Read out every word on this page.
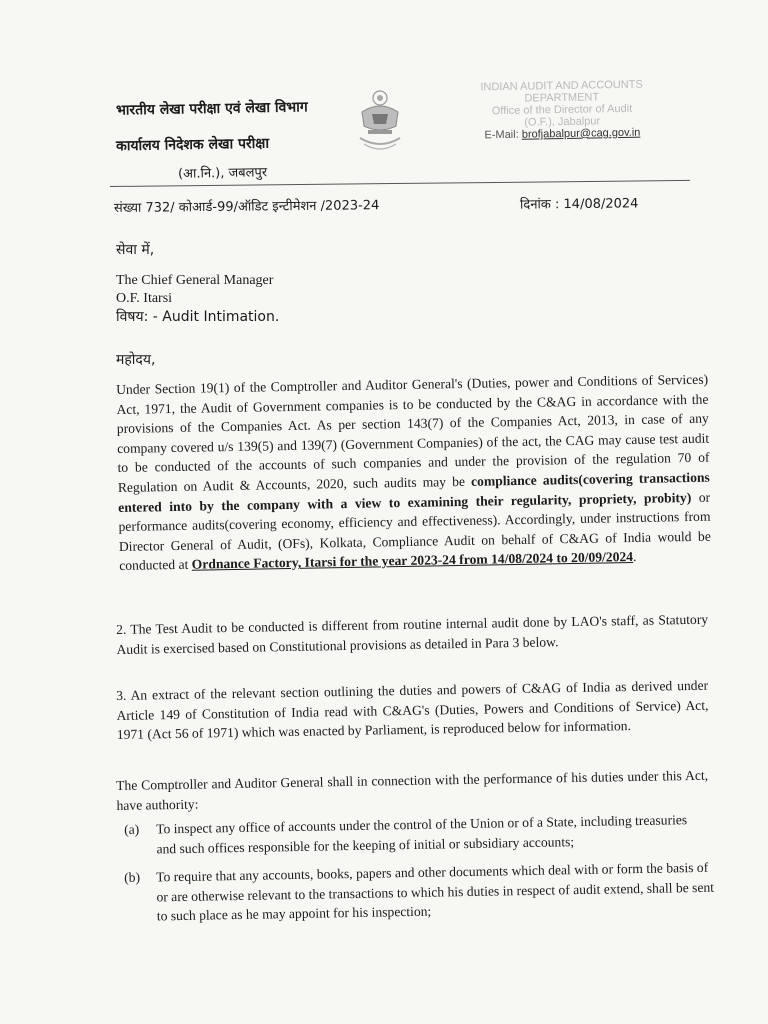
भारतीय लेखा परीक्षा एवं लेखा विभाग
कार्यालय निदेशक लेखा परीक्षा
(आ.नि.), जबलपुर
INDIAN AUDIT AND ACCOUNTS DEPARTMENT
Office of the Director of Audit
(O.F.), Jabalpur
E-Mail: brofjabalpur@cag.gov.in
संख्या 732/ कोआर्ड-99/ऑडिट इन्टीमेशन /2023-24	दिनांक : 14/08/2024
सेवा में,
The Chief General Manager
O.F. Itarsi
विषय: - Audit Intimation.
महोदय,
Under Section 19(1) of the Comptroller and Auditor General's (Duties, power and Conditions of Services) Act, 1971, the Audit of Government companies is to be conducted by the C&AG in accordance with the provisions of the Companies Act. As per section 143(7) of the Companies Act, 2013, in case of any company covered u/s 139(5) and 139(7) (Government Companies) of the act, the CAG may cause test audit to be conducted of the accounts of such companies and under the provision of the regulation 70 of Regulation on Audit & Accounts, 2020, such audits may be compliance audits(covering transactions entered into by the company with a view to examining their regularity, propriety, probity) or performance audits(covering economy, efficiency and effectiveness). Accordingly, under instructions from Director General of Audit, (OFs), Kolkata, Compliance Audit on behalf of C&AG of India would be conducted at Ordnance Factory, Itarsi for the year 2023-24 from 14/08/2024 to 20/09/2024.
2. The Test Audit to be conducted is different from routine internal audit done by LAO's staff, as Statutory Audit is exercised based on Constitutional provisions as detailed in Para 3 below.
3. An extract of the relevant section outlining the duties and powers of C&AG of India as derived under Article 149 of Constitution of India read with C&AG's (Duties, Powers and Conditions of Service) Act, 1971 (Act 56 of 1971) which was enacted by Parliament, is reproduced below for information.
The Comptroller and Auditor General shall in connection with the performance of his duties under this Act, have authority:
(a)	To inspect any office of accounts under the control of the Union or of a State, including treasuries and such offices responsible for the keeping of initial or subsidiary accounts;
(b)	To require that any accounts, books, papers and other documents which deal with or form the basis of or are otherwise relevant to the transactions to which his duties in respect of audit extend, shall be sent to such place as he may appoint for his inspection;
